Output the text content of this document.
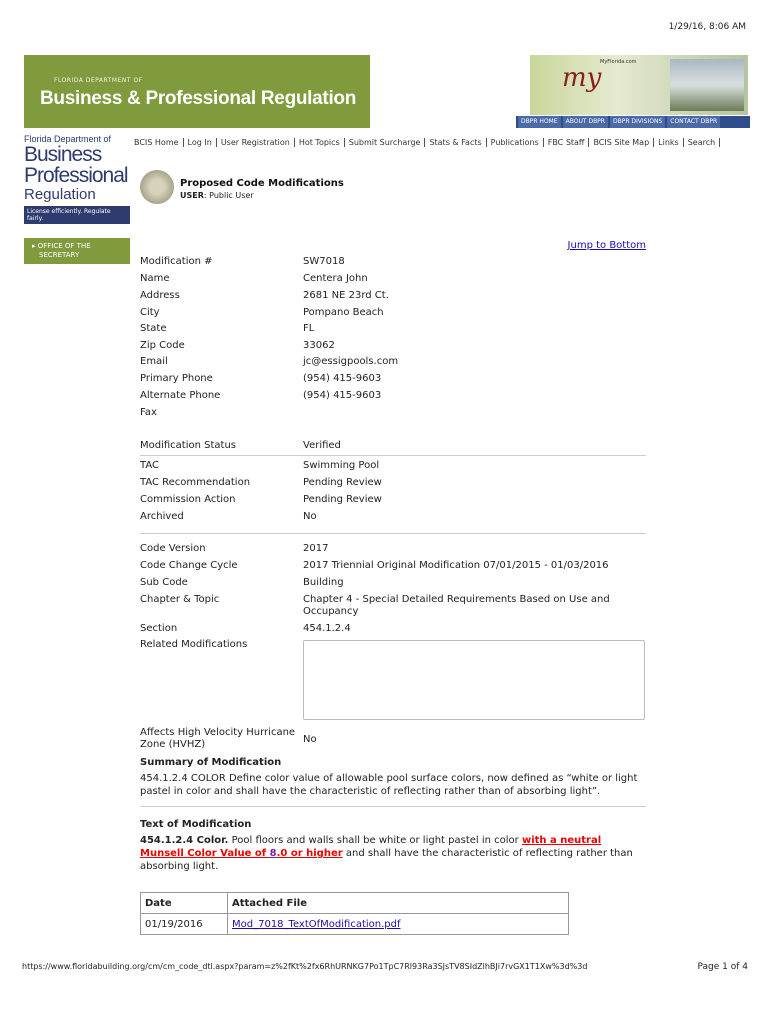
1/29/16, 8:06 AM
FLORIDA DEPARTMENT OF
Business & Professional Regulation
MyFlorida.com
my
DBPR HOME	ABOUT DBPR	DBPR DIVISIONS	CONTACT DBPR
Florida Department of
Business
Professional
Regulation
License efficiently. Regulate fairly.
BCIS Home Log In User Registration Hot Topics Submit Surcharge Stats & Facts Publications FBC Staff BCIS Site Map Links Search
Proposed Code Modifications
USER: Public User
▸ OFFICE OF THE
SECRETARY
Jump to Bottom
Modification #	SW7018
Name	Centera John
Address	2681 NE 23rd Ct.
City	Pompano Beach
State	FL
Zip Code	33062
Email	jc@essigpools.com
Primary Phone	(954) 415-9603
Alternate Phone	(954) 415-9603
Fax
Modification Status	Verified
TAC	Swimming Pool
TAC Recommendation	Pending Review
Commission Action	Pending Review
Archived	No
Code Version	2017
Code Change Cycle	2017 Triennial Original Modification 07/01/2015 - 01/03/2016
Sub Code	Building
Chapter & Topic	Chapter 4 - Special Detailed Requirements Based on Use and Occupancy
Section	454.1.2.4
Related Modifications
Affects High Velocity Hurricane Zone (HVHZ)	No
Summary of Modification
454.1.2.4 COLOR Define color value of allowable pool surface colors, now defined as “white or light pastel in color and shall have the characteristic of reflecting rather than of absorbing light”.
Text of Modification
454.1.2.4 Color. Pool floors and walls shall be white or light pastel in color with a neutral Munsell Color Value of 8.0 or higher and shall have the characteristic of reflecting rather than absorbing light.
Date	Attached File
01/19/2016	Mod_7018_TextOfModification.pdf
https://www.floridabuilding.org/cm/cm_code_dtl.aspx?param=z%2fKt%2fx6RhURNKG7Po1TpC7Rl93Ra3SJsTV8SIdZlhBJi7rvGX1T1Xw%3d%3d	Page 1 of 4
